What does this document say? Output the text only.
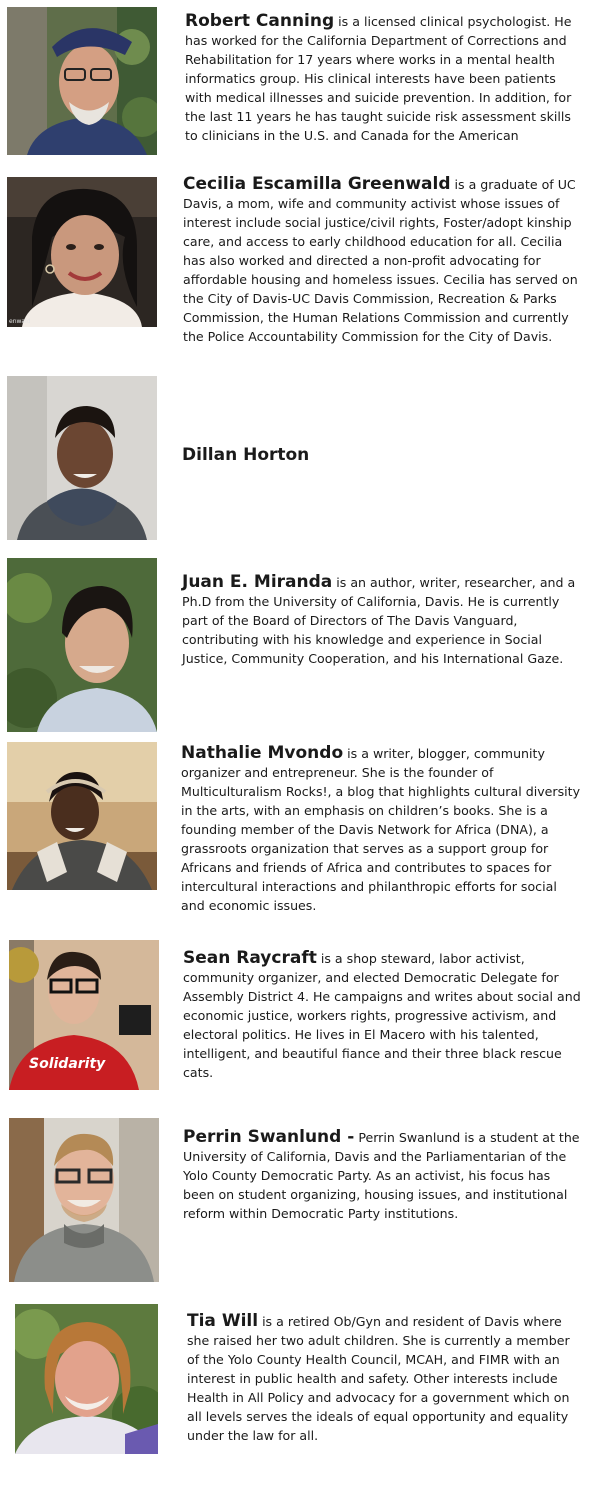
Robert Canning is a licensed clinical psychologist. He has worked for the California Department of Corrections and Rehabilitation for 17 years where works in a mental health informatics group. His clinical interests have been patients with medical illnesses and suicide prevention. In addition, for the last 11 years he has taught suicide risk assessment skills to clinicians in the U.S. and Canada for the American
enwald
Cecilia Escamilla Greenwald is a graduate of UC Davis, a mom, wife and community activist whose issues of interest include social justice/civil rights, Foster/adopt kinship care, and access to early childhood education for all. Cecilia has also worked and directed a non-profit advocating for affordable housing and homeless issues. Cecilia has served on the City of Davis-UC Davis Commission, Recreation & Parks Commission, the Human Relations Commission and currently the Police Accountability Commission for the City of Davis.
Dillan Horton
Juan E. Miranda is an author, writer, researcher, and a Ph.D from the University of California, Davis. He is currently part of the Board of Directors of The Davis Vanguard, contributing with his knowledge and experience in Social Justice, Community Cooperation, and his International Gaze.
Nathalie Mvondo is a writer, blogger, community organizer and entrepreneur. She is the founder of Multiculturalism Rocks!, a blog that highlights cultural diversity in the arts, with an emphasis on children’s books. She is a founding member of the Davis Network for Africa (DNA), a grassroots organization that serves as a support group for Africans and friends of Africa and contributes to spaces for intercultural interactions and philanthropic efforts for social and economic issues.
Solidarity
Sean Raycraft is a shop steward, labor activist, community organizer, and elected Democratic Delegate for Assembly District 4. He campaigns and writes about social and economic justice, workers rights, progressive activism, and electoral politics. He lives in El Macero with his talented, intelligent, and beautiful fiance and their three black rescue cats.
Perrin Swanlund - Perrin Swanlund is a student at the University of California, Davis and the Parliamentarian of the Yolo County Democratic Party. As an activist, his focus has been on student organizing, housing issues, and institutional reform within Democratic Party institutions.
Tia Will is a retired Ob/Gyn and resident of Davis where she raised her two adult children. She is currently a member of the Yolo County Health Council, MCAH, and FIMR with an interest in public health and safety. Other interests include Health in All Policy and advocacy for a government which on all levels serves the ideals of equal opportunity and equality under the law for all.
